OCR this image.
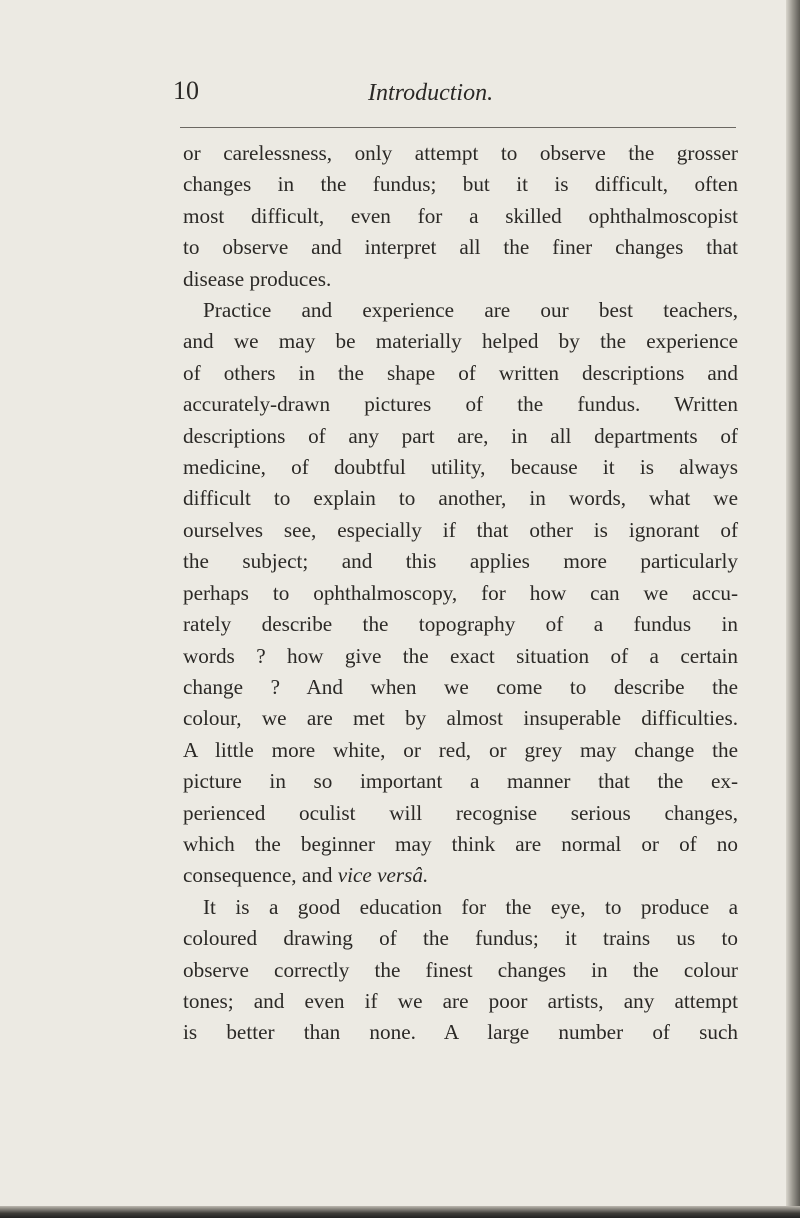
10	Introduction.
or carelessness, only attempt to observe the grosser
changes in the fundus; but it is difficult, often
most difficult, even for a skilled ophthalmoscopist
to observe and interpret all the finer changes that
disease produces.
Practice and experience are our best teachers,
and we may be materially helped by the experience
of others in the shape of written descriptions and
accurately-drawn pictures of the fundus. Written
descriptions of any part are, in all departments of
medicine, of doubtful utility, because it is always
difficult to explain to another, in words, what we
ourselves see, especially if that other is ignorant of
the subject; and this applies more particularly
perhaps to ophthalmoscopy, for how can we accu-
rately describe the topography of a fundus in
words ? how give the exact situation of a certain
change ? And when we come to describe the
colour, we are met by almost insuperable difficulties.
A little more white, or red, or grey may change the
picture in so important a manner that the ex-
perienced oculist will recognise serious changes,
which the beginner may think are normal or of no
consequence, and vice versâ.
It is a good education for the eye, to produce a
coloured drawing of the fundus; it trains us to
observe correctly the finest changes in the colour
tones; and even if we are poor artists, any attempt
is better than none. A large number of such
